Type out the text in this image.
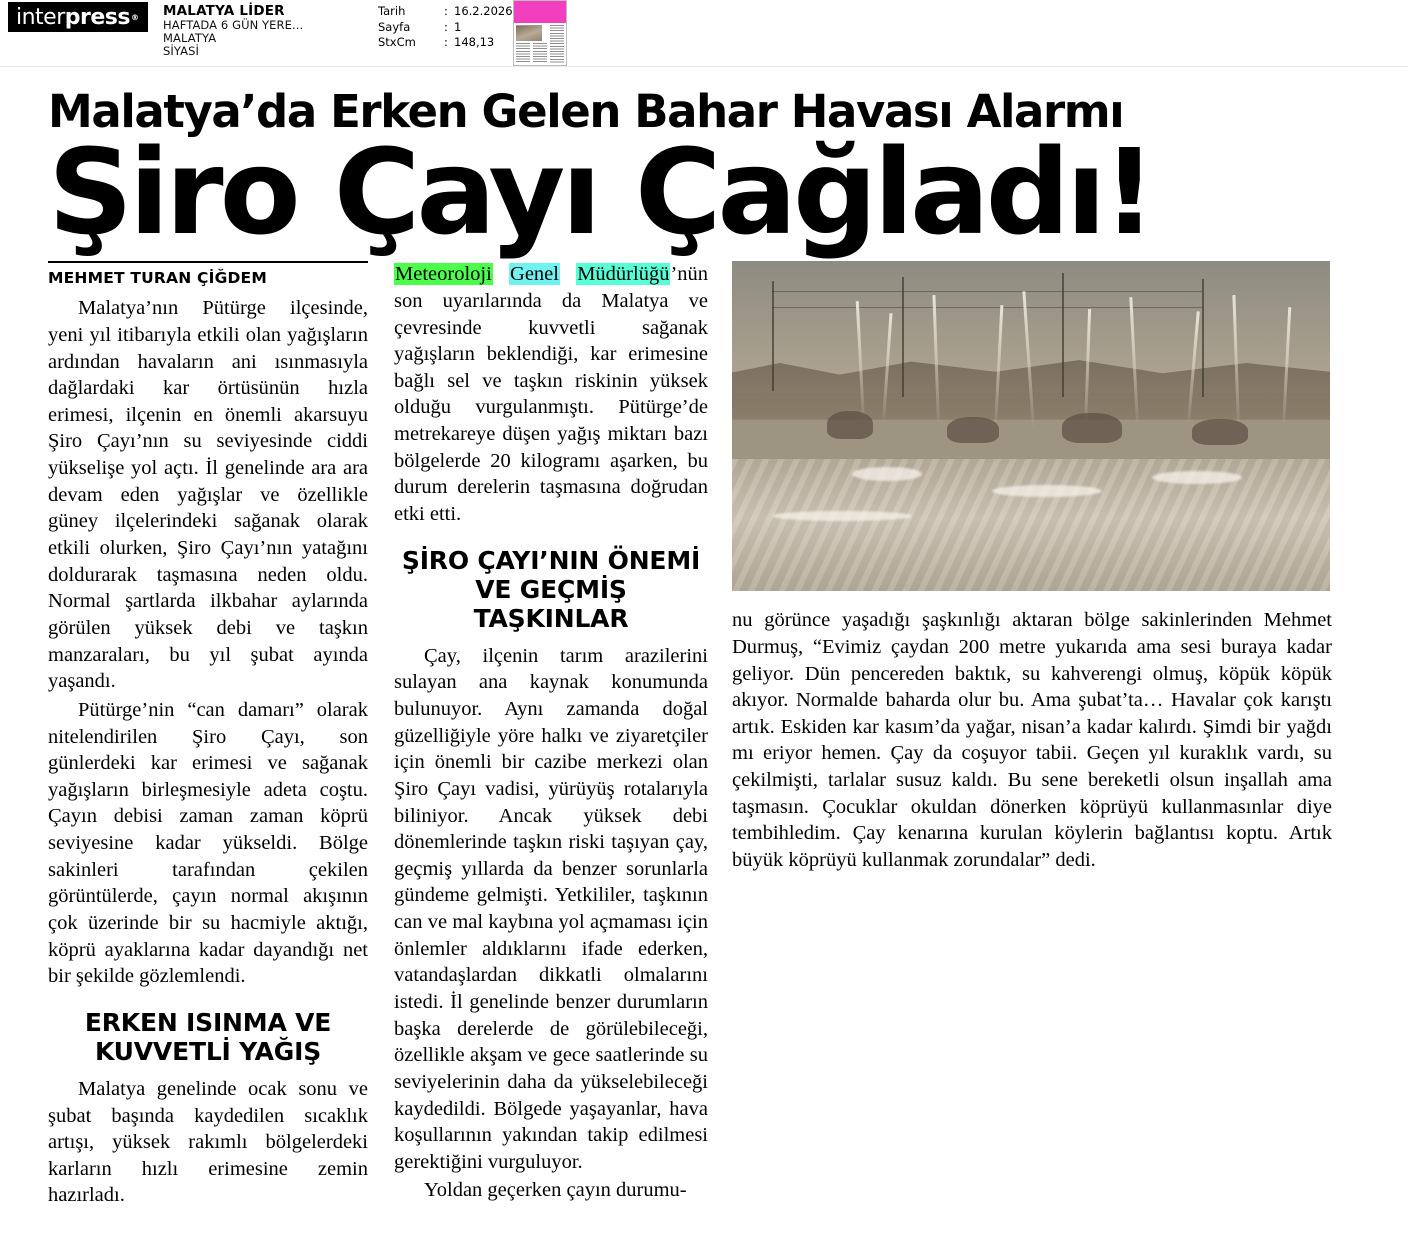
inter press ® MALATYA LİDER
HAFTADA 6 GÜN YERE...
MALATYA
SİYASİ
Tarih	: 16.2.2026
Sayfa	: 1
StxCm	: 148,13
Malatya’da Erken Gelen Bahar Havası Alarmı
Şiro Çayı Çağladı!
MEHMET TURAN ÇİĞDEM

Malatya’nın Pütürge ilçesinde, yeni yıl itibarıyla etkili olan yağışların ardından havaların ani ısınmasıyla dağlardaki kar örtüsünün hızla erimesi, ilçenin en önemli akarsuyu Şiro Çayı’nın su seviyesinde ciddi yükselişe yol açtı. İl genelinde ara ara devam eden yağışlar ve özellikle güney ilçelerindeki sağanak olarak etkili olurken, Şiro Çayı’nın yatağını doldurarak taşmasına neden oldu. Normal şartlarda ilkbahar aylarında görülen yüksek debi ve taşkın manzaraları, bu yıl şubat ayında yaşandı.

Pütürge’nin “can damarı” olarak nitelendirilen Şiro Çayı, son günlerdeki kar erimesi ve sağanak yağışların birleşmesiyle adeta coştu. Çayın debisi zaman zaman köprü seviyesine kadar yükseldi. Bölge sakinleri tarafından çekilen görüntülerde, çayın normal akışının çok üzerinde bir su hacmiyle aktığı, köprü ayaklarına kadar dayandığı net bir şekilde gözlemlendi.

ERKEN ISINMA VE KUVVETLİ YAĞIŞ

Malatya genelinde ocak sonu ve şubat başında kaydedilen sıcaklık artışı, yüksek rakımlı bölgelerdeki karların hızlı erimesine zemin hazırladı.

Meteoroloji Genel Müdürlüğü’nün son uyarılarında da Malatya ve çevresinde kuvvetli sağanak yağışların beklendiği, kar erimesine bağlı sel ve taşkın riskinin yüksek olduğu vurgulanmıştı. Pütürge’de metrekareye düşen yağış miktarı bazı bölgelerde 20 kilogramı aşarken, bu durum derelerin taşmasına doğrudan etki etti.

ŞİRO ÇAYI’NIN ÖNEMİ VE GEÇMİŞ TAŞKINLAR

Çay, ilçenin tarım arazilerini sulayan ana kaynak konumunda bulunuyor. Aynı zamanda doğal güzelliğiyle yöre halkı ve ziyaretçiler için önemli bir cazibe merkezi olan Şiro Çayı vadisi, yürüyüş rotalarıyla biliniyor. Ancak yüksek debi dönemlerinde taşkın riski taşıyan çay, geçmiş yıllarda da benzer sorunlarla gündeme gelmişti. Yetkililer, taşkının can ve mal kaybına yol açmaması için önlemler aldıklarını ifade ederken, vatandaşlardan dikkatli olmalarını istedi. İl genelinde benzer durumların başka derelerde de görülebileceği, özellikle akşam ve gece saatlerinde su seviyelerinin daha da yükselebileceği kaydedildi. Bölgede yaşayanlar, hava koşullarının yakından takip edilmesi gerektiğini vurguluyor.

Yoldan geçerken çayın durumu-

nu görünce yaşadığı şaşkınlığı aktaran bölge sakinlerinden Mehmet Durmuş, “Evimiz çaydan 200 metre yukarıda ama sesi buraya kadar geliyor. Dün pencereden baktık, su kahverengi olmuş, köpük köpük akıyor. Normalde baharda olur bu. Ama şubat’ta… Havalar çok karıştı artık. Eskiden kar kasım’da yağar, nisan’a kadar kalırdı. Şimdi bir yağdı mı eriyor hemen. Çay da coşuyor tabii. Geçen yıl kuraklık vardı, su çekilmişti, tarlalar susuz kaldı. Bu sene bereketli olsun inşallah ama taşmasın. Çocuklar okuldan dönerken köprüyü kullanmasınlar diye tembihledim. Çay kenarına kurulan köylerin bağlantısı koptu. Artık büyük köprüyü kullanmak zorundalar” dedi.
